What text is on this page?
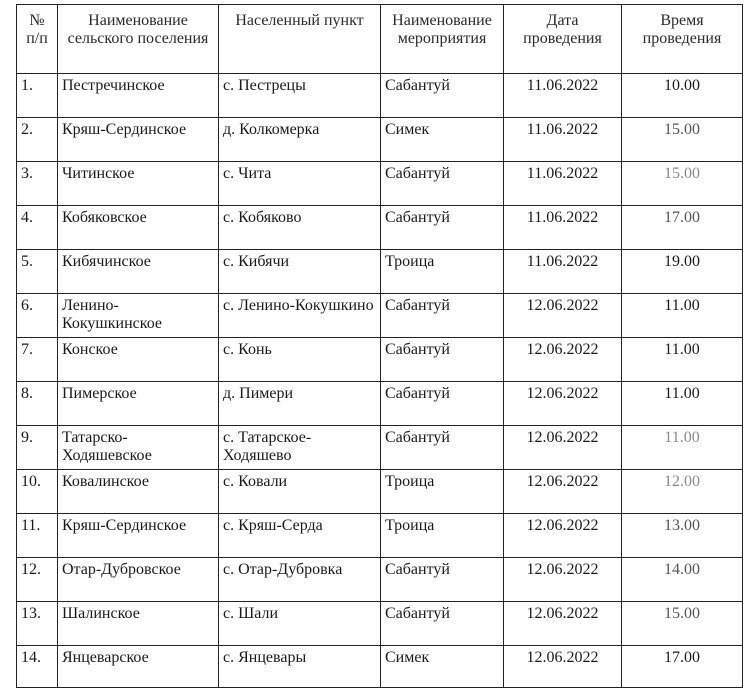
№ п/п	Наименование сельского поселения	Населенный пункт	Наименование мероприятия	Дата проведения	Время проведения
1.	Пестречинское	с. Пестрецы	Сабантуй	11.06.2022	10.00
2.	Кряш-Сердинское	д. Колкомерка	Симек	11.06.2022	15.00
3.	Читинское	с. Чита	Сабантуй	11.06.2022	15.00
4.	Кобяковское	с. Кобяково	Сабантуй	11.06.2022	17.00
5.	Кибячинское	с. Кибячи	Троица	11.06.2022	19.00
6.	Ленино-Кокушкинское	с. Ленино-Кокушкино	Сабантуй	12.06.2022	11.00
7.	Конское	с. Конь	Сабантуй	12.06.2022	11.00
8.	Пимерское	д. Пимери	Сабантуй	12.06.2022	11.00
9.	Татарско-Ходяшевское	с. Татарское-Ходяшево	Сабантуй	12.06.2022	11.00
10.	Ковалинское	с. Ковали	Троица	12.06.2022	12.00
11.	Кряш-Сердинское	с. Кряш-Серда	Троица	12.06.2022	13.00
12.	Отар-Дубровское	с. Отар-Дубровка	Сабантуй	12.06.2022	14.00
13.	Шалинское	с. Шали	Сабантуй	12.06.2022	15.00
14.	Янцеварское	с. Янцевары	Симек	12.06.2022	17.00
